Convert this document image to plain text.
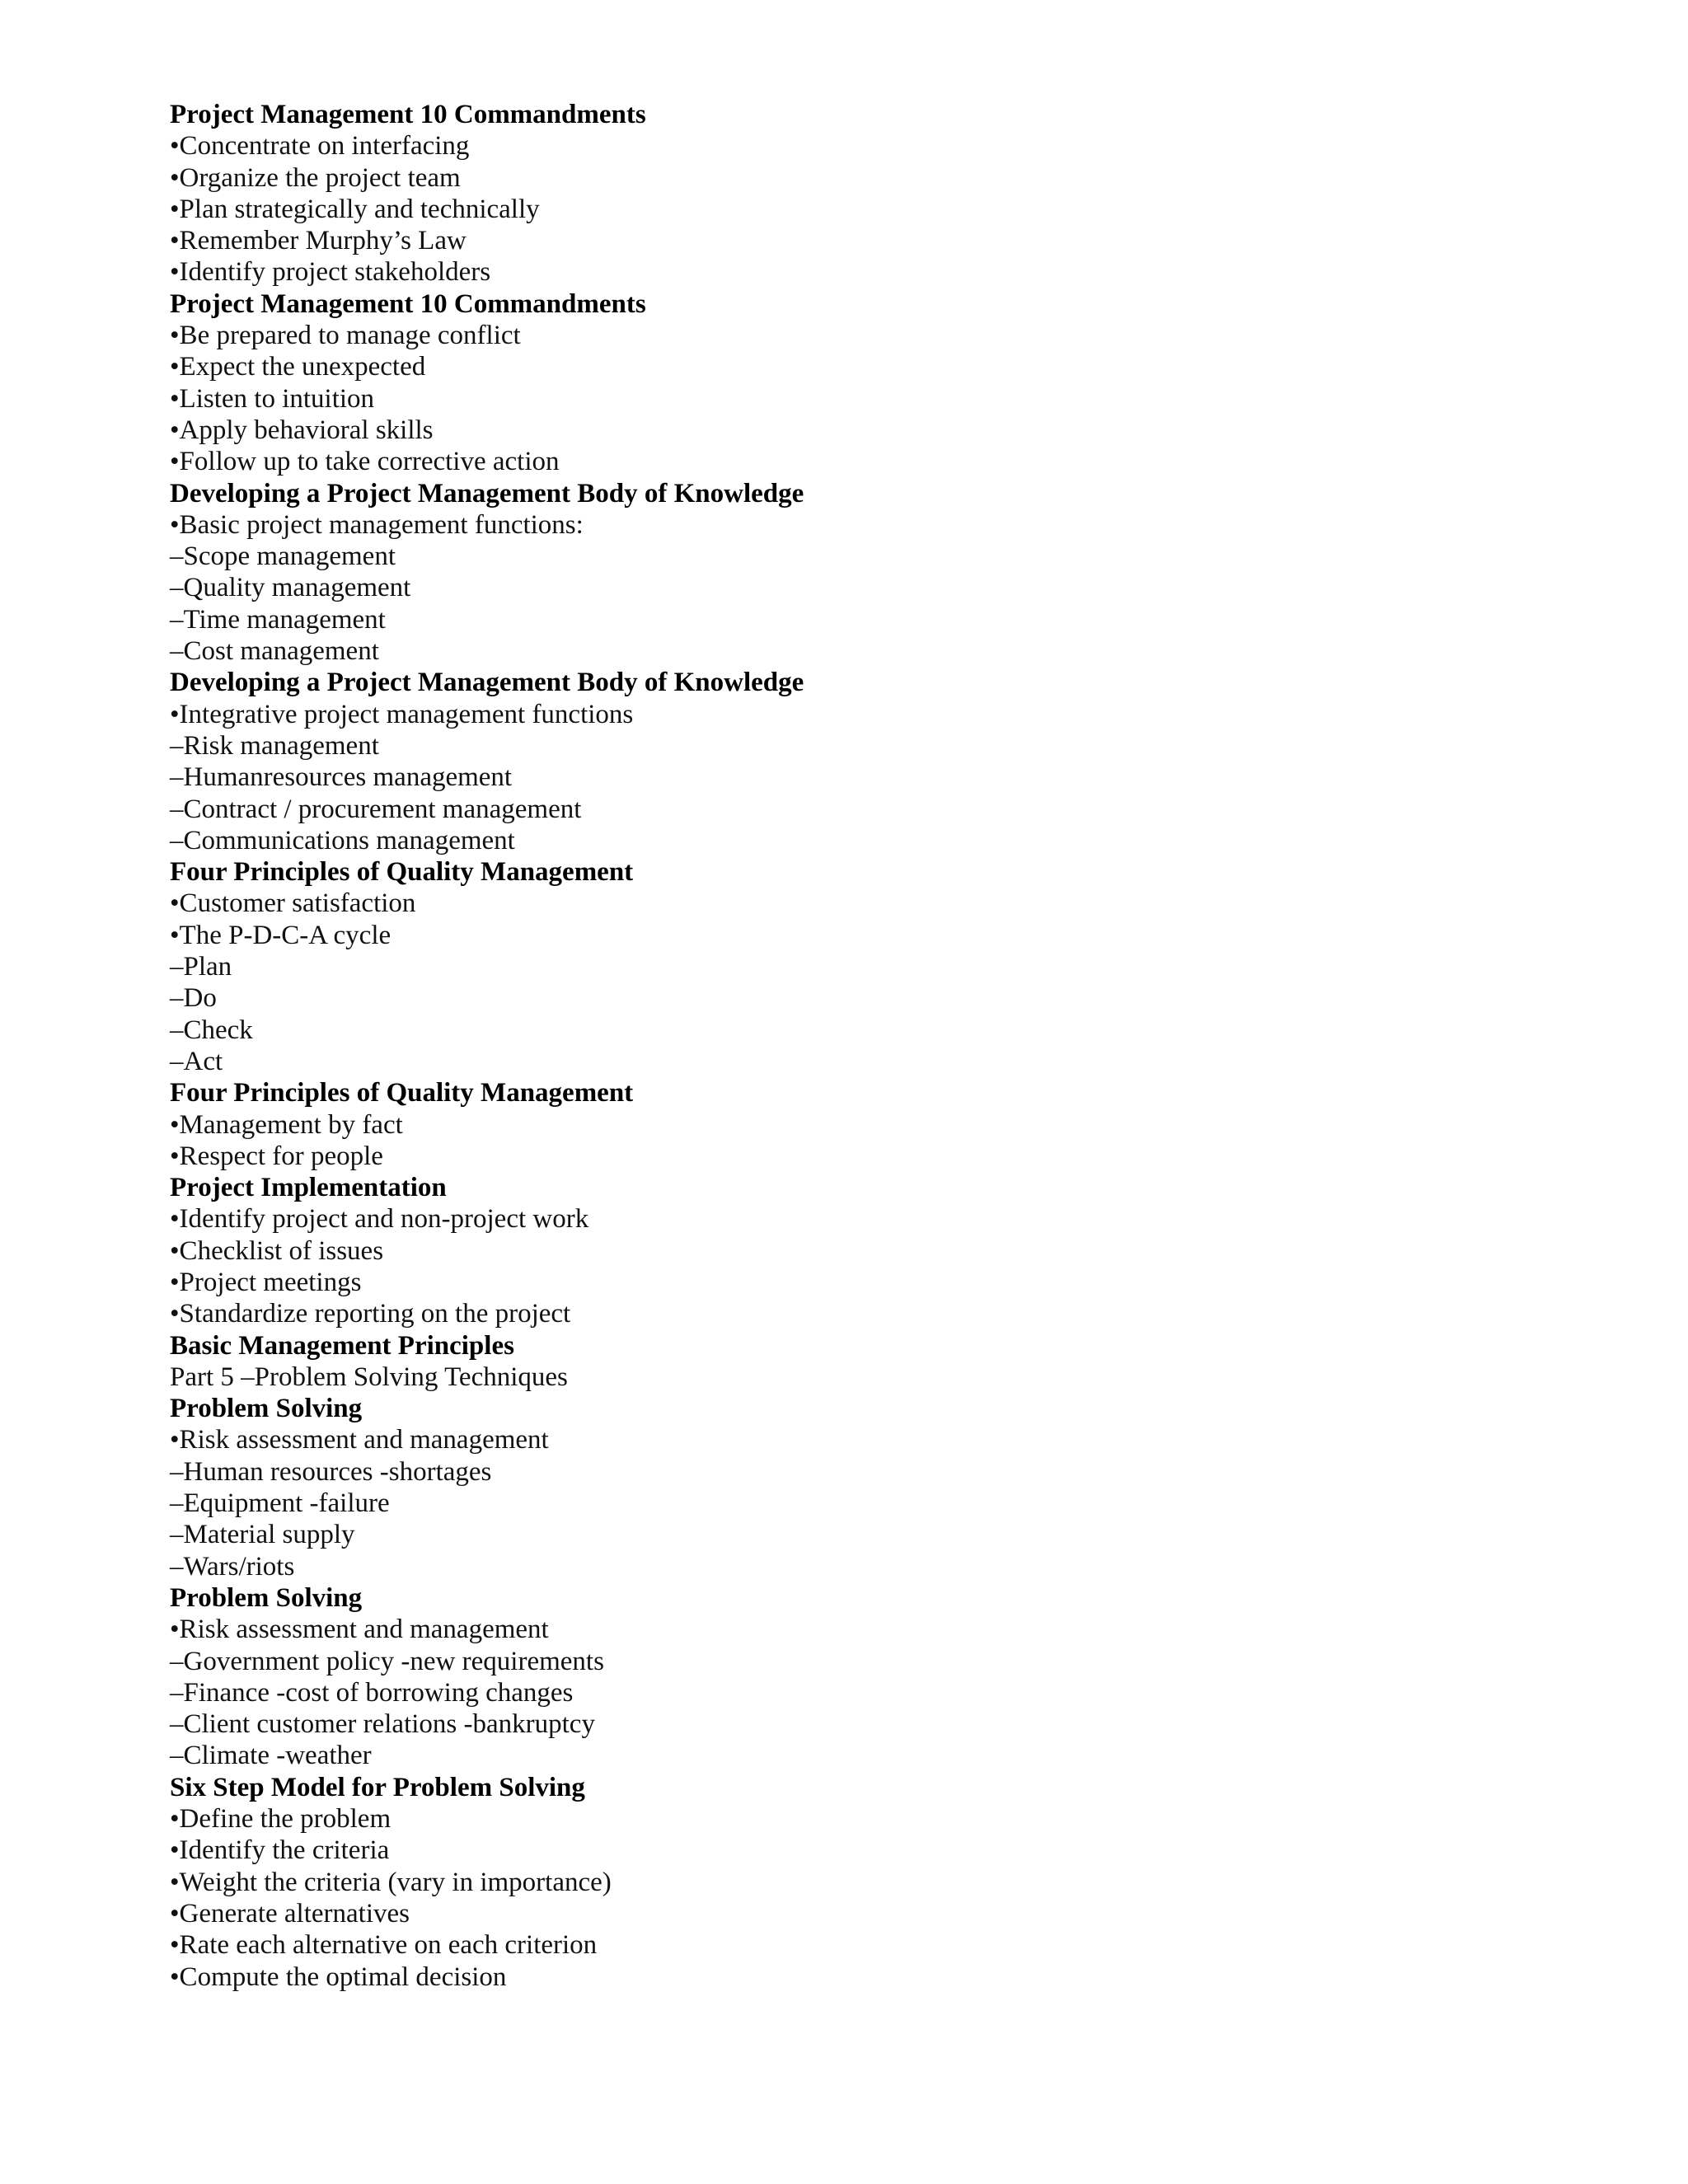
Project Management 10 Commandments
•Concentrate on interfacing
•Organize the project team
•Plan strategically and technically
•Remember Murphy’s Law
•Identify project stakeholders
Project Management 10 Commandments
•Be prepared to manage conflict
•Expect the unexpected
•Listen to intuition
•Apply behavioral skills
•Follow up to take corrective action
Developing a Project Management Body of Knowledge
•Basic project management functions:
–Scope management
–Quality management
–Time management
–Cost management
Developing a Project Management Body of Knowledge
•Integrative project management functions
–Risk management
–Humanresources management
–Contract / procurement management
–Communications management
Four Principles of Quality Management
•Customer satisfaction
•The P-D-C-A cycle
–Plan
–Do
–Check
–Act
Four Principles of Quality Management
•Management by fact
•Respect for people
Project Implementation
•Identify project and non-project work
•Checklist of issues
•Project meetings
•Standardize reporting on the project
Basic Management Principles
Part 5 –Problem Solving Techniques
Problem Solving
•Risk assessment and management
–Human resources -shortages
–Equipment -failure
–Material supply
–Wars/riots
Problem Solving
•Risk assessment and management
–Government policy -new requirements
–Finance -cost of borrowing changes
–Client customer relations -bankruptcy
–Climate -weather
Six Step Model for Problem Solving
•Define the problem
•Identify the criteria
•Weight the criteria (vary in importance)
•Generate alternatives
•Rate each alternative on each criterion
•Compute the optimal decision
